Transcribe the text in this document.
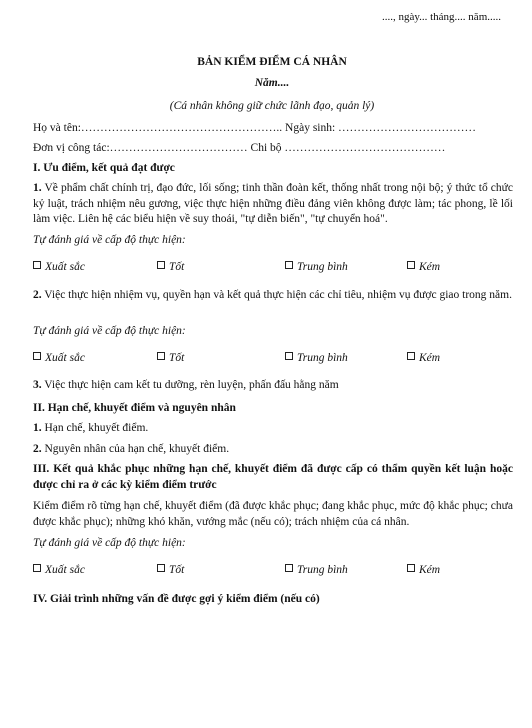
...., ngày... tháng.... năm.....
BẢN KIỂM ĐIỂM CÁ NHÂN
Năm....
(Cá nhân không giữ chức lãnh đạo, quản lý)
Họ và tên:…………………………………………….. Ngày sinh: ………………………………
Đơn vị công tác:……………………………… Chi bộ ……………………………………
I. Ưu điểm, kết quả đạt được
1. Về phẩm chất chính trị, đạo đức, lối sống; tinh thần đoàn kết, thống nhất trong nội bộ; ý thức tổ chức kỷ luật, trách nhiệm nêu gương, việc thực hiện những điều đảng viên không được làm; tác phong, lề lối làm việc. Liên hệ các biểu hiện về suy thoái, "tự diễn biến", "tự chuyển hoá".
Tự đánh giá về cấp độ thực hiện:
Xuất sắc	Tốt	Trung bình	Kém
2. Việc thực hiện nhiệm vụ, quyền hạn và kết quả thực hiện các chỉ tiêu, nhiệm vụ được giao trong năm.
Tự đánh giá về cấp độ thực hiện:
Xuất sắc	Tốt	Trung bình	Kém
3. Việc thực hiện cam kết tu dưỡng, rèn luyện, phấn đấu hằng năm
II. Hạn chế, khuyết điểm và nguyên nhân
1. Hạn chế, khuyết điểm.
2. Nguyên nhân của hạn chế, khuyết điểm.
III. Kết quả khắc phục những hạn chế, khuyết điểm đã được cấp có thẩm quyền kết luận hoặc được chỉ ra ở các kỳ kiểm điểm trước
Kiểm điểm rõ từng hạn chế, khuyết điểm (đã được khắc phục; đang khắc phục, mức độ khắc phục; chưa được khắc phục); những khó khăn, vướng mắc (nếu có); trách nhiệm của cá nhân.
Tự đánh giá về cấp độ thực hiện:
Xuất sắc	Tốt	Trung bình	Kém
IV. Giải trình những vấn đề được gợi ý kiểm điểm (nếu có)
